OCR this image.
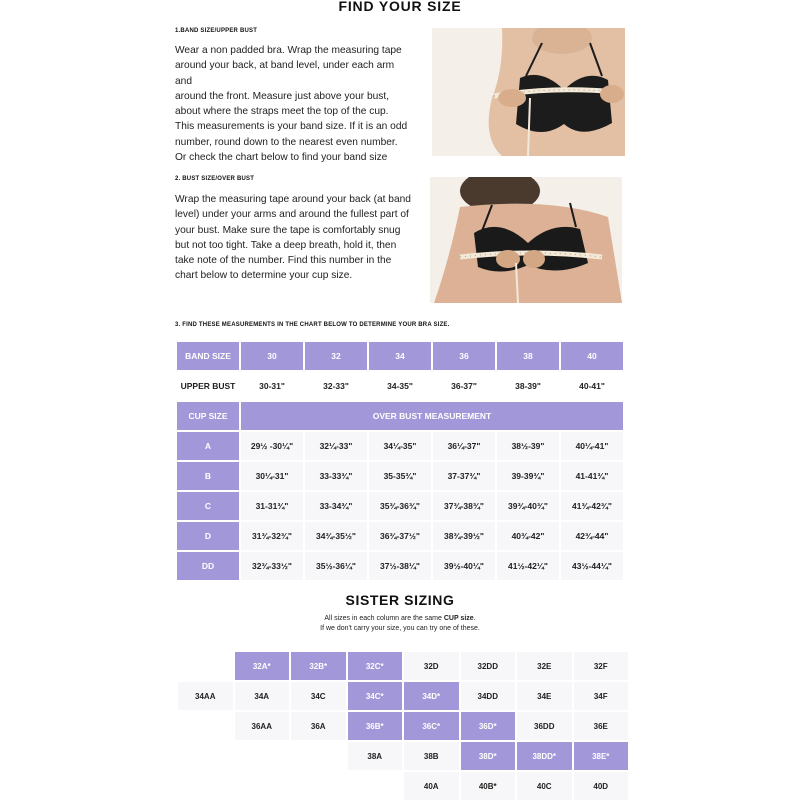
FIND YOUR SIZE
1.BAND SIZE/UPPER BUST
Wear a non padded bra. Wrap the measuring tape
around your back, at band level, under each arm and
around the front. Measure just above your bust,
about where the straps meet the top of the cup.
This measurements is your band size. If it is an odd
number, round down to the nearest even number.
Or check the chart below to find your band size
2. BUST SIZE/OVER BUST
Wrap the measuring tape around your back (at band
level) under your arms and around the fullest part of
your bust. Make sure the tape is comfortably snug
but not too tight. Take a deep breath, hold it, then
take note of the number. Find this number in the
chart below to determine your cup size.
3. FIND THESE MEASUREMENTS IN THE CHART BELOW TO DETERMINE YOUR BRA SIZE.
BAND SIZE	30	32	34	36	38	40
UPPER BUST	30-31"	32-33"	34-35"	36-37"	38-39"	40-41"
CUP SIZE	OVER BUST MEASUREMENT					
A	29½ -30¼"	32¼-33"	34¼-35"	36¼-37"	38½-39"	40¼-41"
B	30¼-31"	33-33¾"	35-35¾"	37-37¾"	39-39¾"	41-41¾"
C	31-31¾"	33-34¾"	35¾-36¾"	37¾-38¾"	39¾-40¾"	41¾-42¾"
D	31¾-32¾"	34¾-35½"	36¾-37½"	38¾-39½"	40¾-42"	42¾-44"
DD	32¾-33½"	35½-36¼"	37½-38¼"	39½-40¼"	41½-42¼"	43½-44¼"
SISTER SIZING
All sizes in each column are the same CUP size.
If we don't carry your size, you can try one of these.
	32A*	32B*	32C*	32D	32DD	32E	32F
34AA	34A	34C	34C*	34D*	34DD	34E	34F
	36AA	36A	36B*	36C*	36D*	36DD	36E
			38A	38B	38D*	38DD*	38E*
				40A	40B*	40C	40D
